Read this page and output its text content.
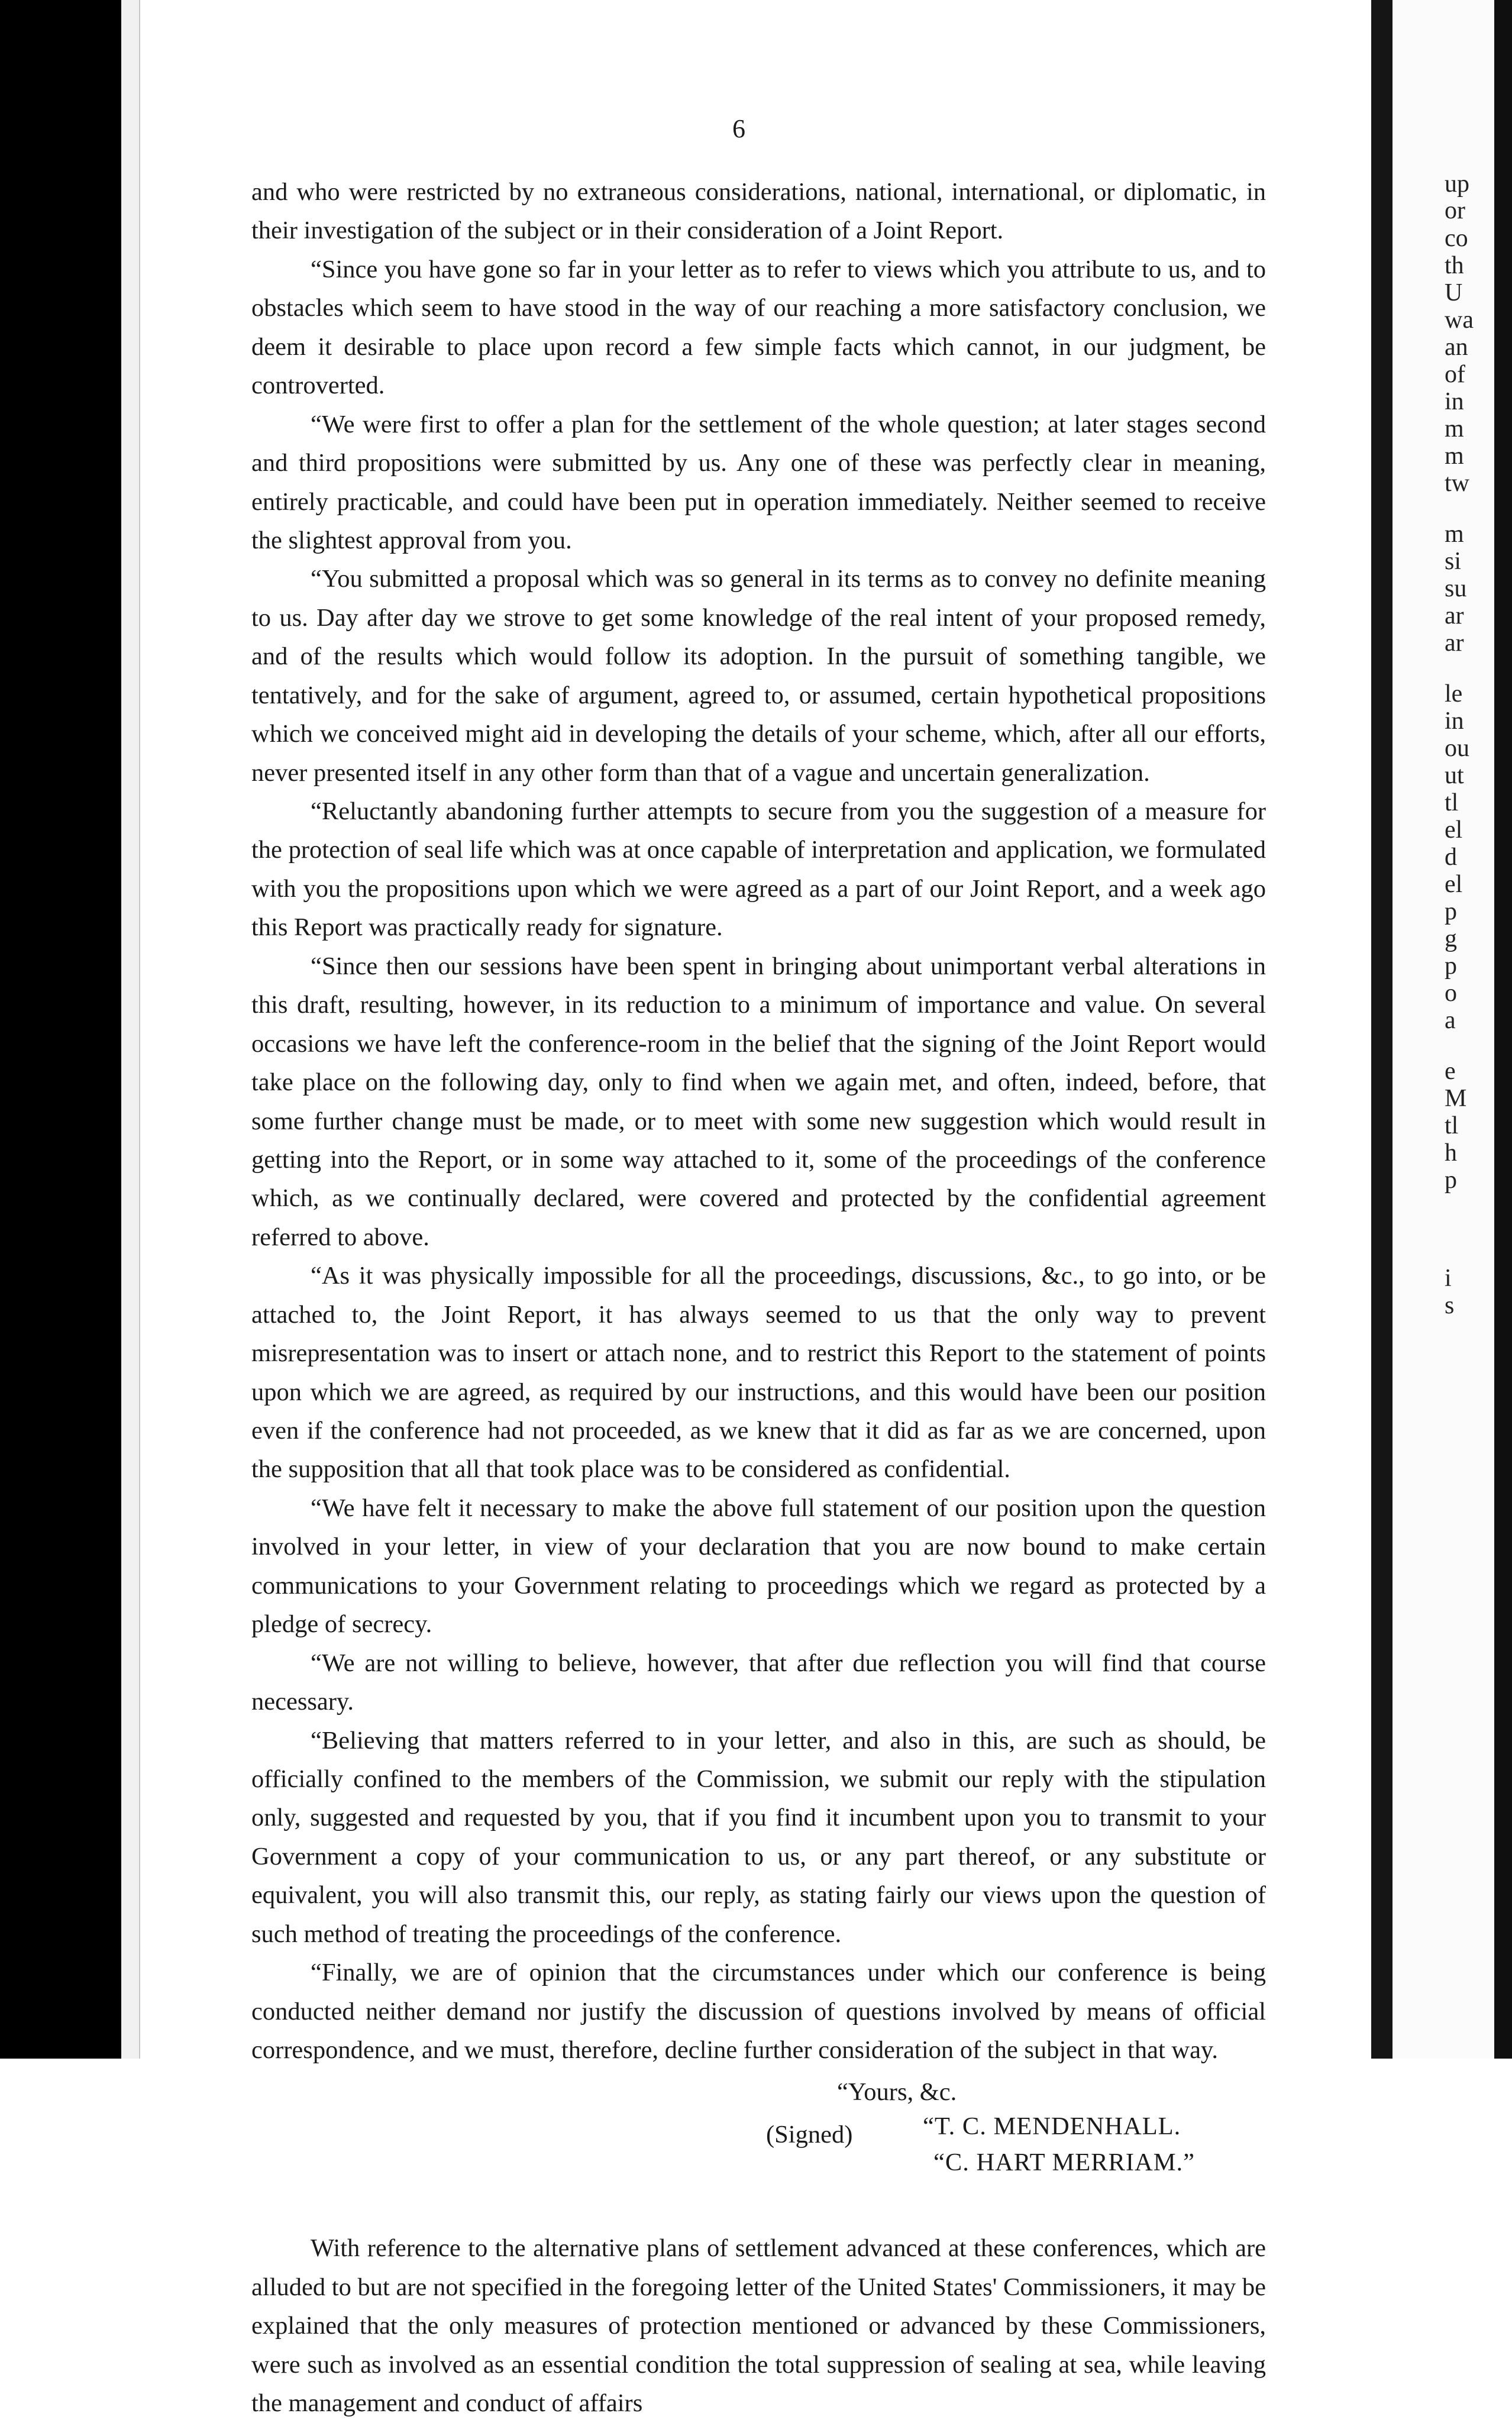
6

and who were restricted by no extraneous considerations, national, international, or diplomatic, in their investigation of the subject or in their consideration of a Joint Report.

“Since you have gone so far in your letter as to refer to views which you attribute to us, and to obstacles which seem to have stood in the way of our reaching a more satisfactory conclusion, we deem it desirable to place upon record a few simple facts which cannot, in our judgment, be controverted.

“We were first to offer a plan for the settlement of the whole question; at later stages second and third propositions were submitted by us. Any one of these was perfectly clear in meaning, entirely practicable, and could have been put in operation immediately. Neither seemed to receive the slightest approval from you.

“You submitted a proposal which was so general in its terms as to convey no definite meaning to us. Day after day we strove to get some knowledge of the real intent of your proposed remedy, and of the results which would follow its adoption. In the pursuit of something tangible, we tentatively, and for the sake of argument, agreed to, or assumed, certain hypothetical propositions which we conceived might aid in developing the details of your scheme, which, after all our efforts, never presented itself in any other form than that of a vague and uncertain generalization.

“Reluctantly abandoning further attempts to secure from you the suggestion of a measure for the protection of seal life which was at once capable of interpretation and application, we formulated with you the propositions upon which we were agreed as a part of our Joint Report, and a week ago this Report was practically ready for signature.

“Since then our sessions have been spent in bringing about unimportant verbal alterations in this draft, resulting, however, in its reduction to a minimum of importance and value. On several occasions we have left the conference-room in the belief that the signing of the Joint Report would take place on the following day, only to find when we again met, and often, indeed, before, that some further change must be made, or to meet with some new suggestion which would result in getting into the Report, or in some way attached to it, some of the proceedings of the conference which, as we continually declared, were covered and protected by the confidential agreement referred to above.

“As it was physically impossible for all the proceedings, discussions, &c., to go into, or be attached to, the Joint Report, it has always seemed to us that the only way to prevent misrepresentation was to insert or attach none, and to restrict this Report to the statement of points upon which we are agreed, as required by our instructions, and this would have been our position even if the conference had not proceeded, as we knew that it did as far as we are concerned, upon the supposition that all that took place was to be considered as confidential.

“We have felt it necessary to make the above full statement of our position upon the question involved in your letter, in view of your declaration that you are now bound to make certain communications to your Government relating to proceedings which we regard as protected by a pledge of secrecy.

“We are not willing to believe, however, that after due reflection you will find that course necessary.

“Believing that matters referred to in your letter, and also in this, are such as should, be officially confined to the members of the Commission, we submit our reply with the stipulation only, suggested and requested by you, that if you find it incumbent upon you to transmit to your Government a copy of your communication to us, or any part thereof, or any substitute or equivalent, you will also transmit this, our reply, as stating fairly our views upon the question of such method of treating the proceedings of the conference.

“Finally, we are of opinion that the circumstances under which our conference is being conducted neither demand nor justify the discussion of questions involved by means of official correspondence, and we must, therefore, decline further consideration of the subject in that way.

“Yours, &c.
(Signed)	“T. C. MENDENHALL.
“C. HART MERRIAM.”

With reference to the alternative plans of settlement advanced at these conferences, which are alluded to but are not specified in the foregoing letter of the United States' Commissioners, it may be explained that the only measures of protection mentioned or advanced by these Commissioners, were such as involved as an essential condition the total suppression of sealing at sea, while leaving the management and conduct of affairs

up
or
co
th
U
wa
an
of
in
m
m
tw
m
si
su
ar
ar
le
in
ou
ut
tl
el
d
el
p
g
p
o
a
e
M
tl
h
p
i
s
